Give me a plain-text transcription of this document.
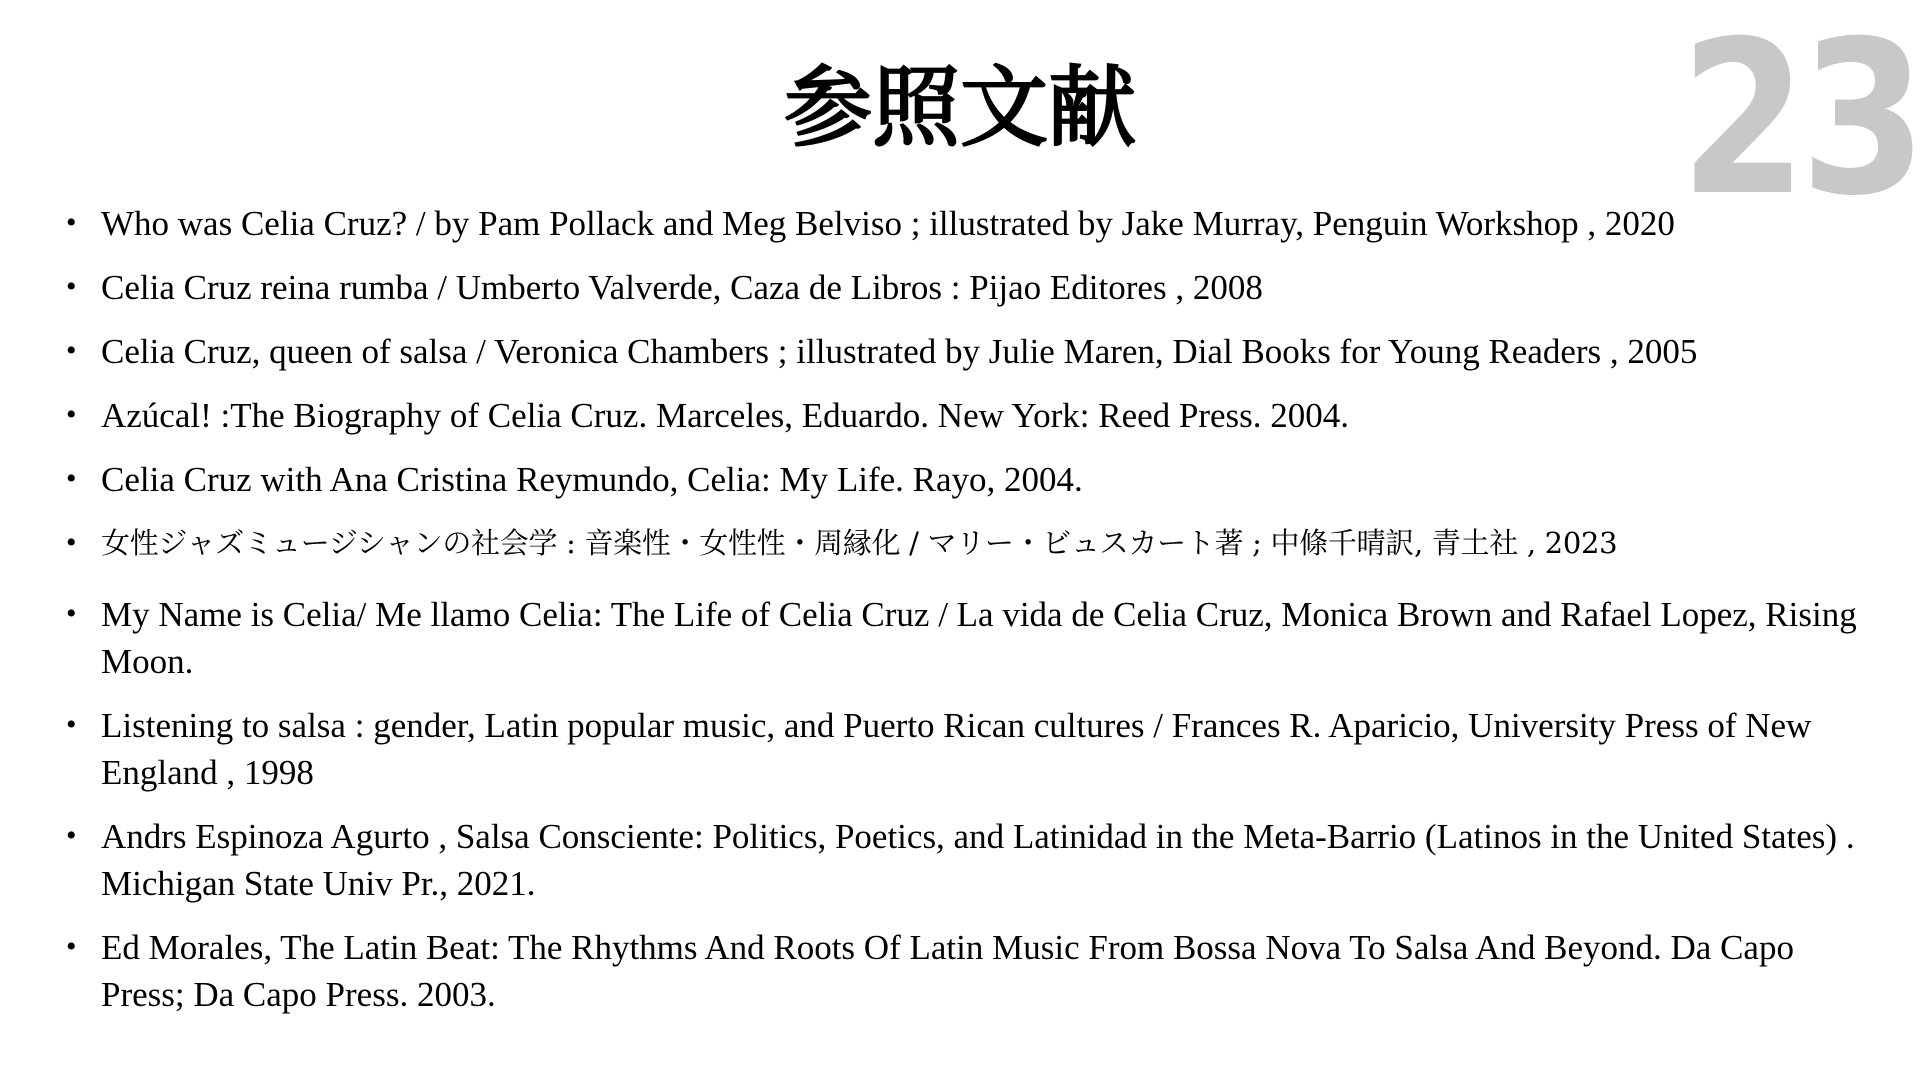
参照文献	23
• Who was Celia Cruz? / by Pam Pollack and Meg Belviso ; illustrated by Jake Murray, Penguin Workshop , 2020
• Celia Cruz reina rumba / Umberto Valverde, Caza de Libros : Pijao Editores , 2008
• Celia Cruz, queen of salsa / Veronica Chambers ; illustrated by Julie Maren, Dial Books for Young Readers , 2005
• Azúcal! :The Biography of Celia Cruz. Marceles, Eduardo. New York: Reed Press. 2004.
• Celia Cruz with Ana Cristina Reymundo, Celia: My Life. Rayo, 2004.
• 女性ジャズミュージシャンの社会学 : 音楽性・女性性・周縁化 / マリー・ビュスカート著 ; 中條千晴訳, 青土社 , 2023
• My Name is Celia/ Me llamo Celia: The Life of Celia Cruz / La vida de Celia Cruz, Monica Brown and Rafael Lopez, Rising Moon.
• Listening to salsa : gender, Latin popular music, and Puerto Rican cultures / Frances R. Aparicio, University Press of New England , 1998
• Andrs Espinoza Agurto , Salsa Consciente: Politics, Poetics, and Latinidad in the Meta-Barrio (Latinos in the United States) . Michigan State Univ Pr., 2021.
• Ed Morales, The Latin Beat: The Rhythms And Roots Of Latin Music From Bossa Nova To Salsa And Beyond. Da Capo Press; Da Capo Press. 2003.
